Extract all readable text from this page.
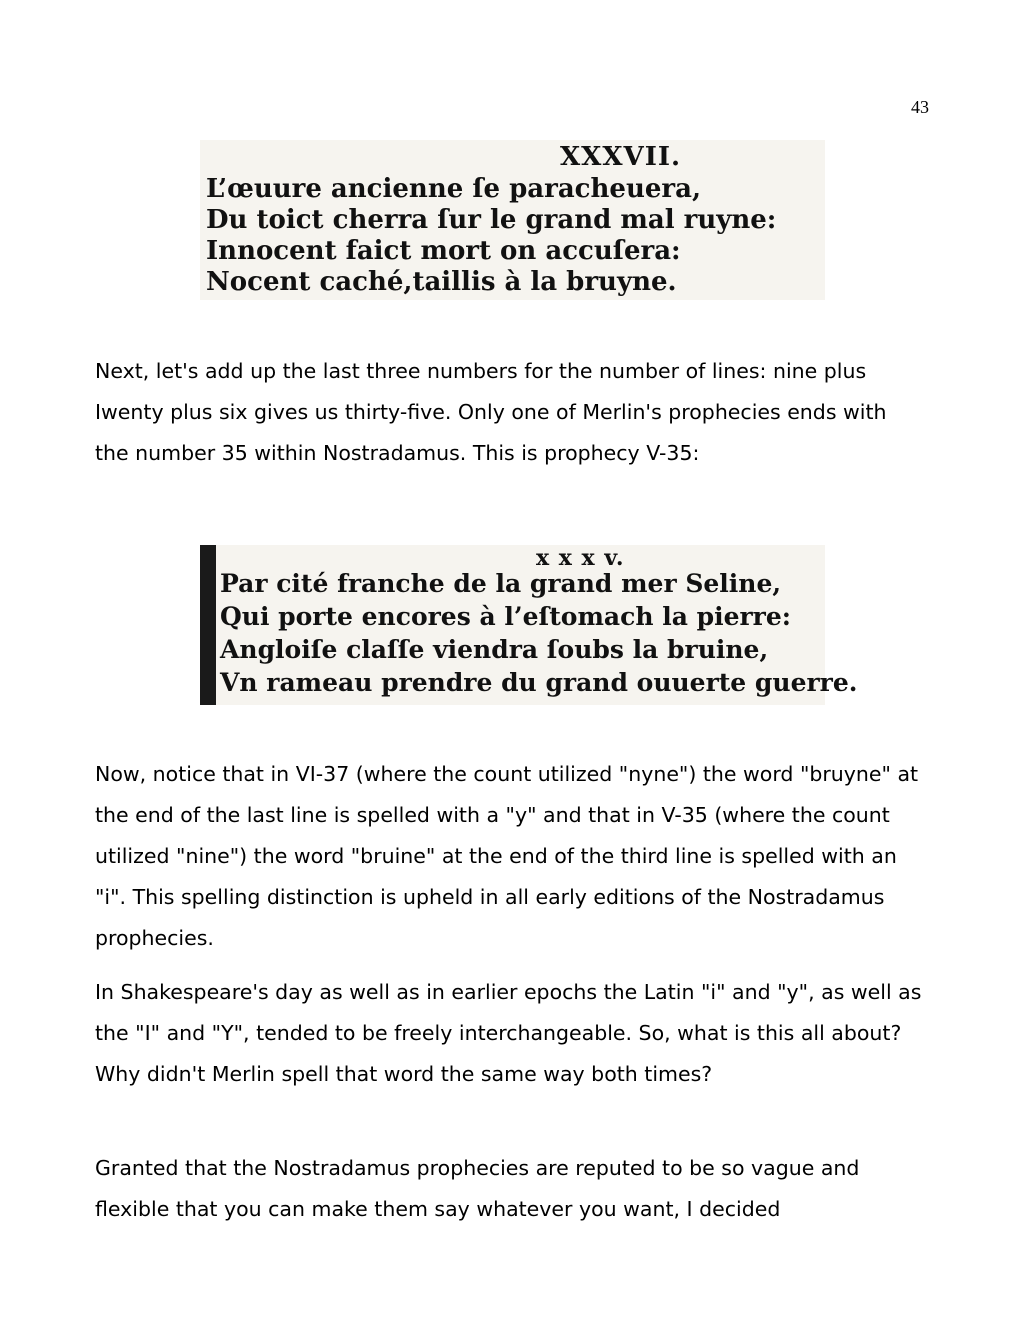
43
XXXVII.
L’œuure ancienne ſe paracheuera,
Du toict cherra ſur le grand mal ruyne:
Innocent faict mort on accuſera:
Nocent caché,taillis à la bruyne.

Next, let's add up the last three numbers for the number of lines: nine plus Iwenty plus six gives us thirty-five. Only one of Merlin's prophecies ends with the number 35 within Nostradamus. This is prophecy V-35:

x x x v.
Par cité franche de la grand mer Seline,
Qui porte encores à l’eſtomach la pierre:
Angloiſe claſſe viendra ſoubs la bruine,
Vn rameau prendre du grand ouuerte guerre.

Now, notice that in VI-37 (where the count utilized "nyne") the word "bruyne" at the end of the last line is spelled with a "y" and that in V-35 (where the count utilized "nine") the word "bruine" at the end of the third line is spelled with an "i". This spelling distinction is upheld in all early editions of the Nostradamus prophecies.

In Shakespeare's day as well as in earlier epochs the Latin "i" and "y", as well as the "I" and "Y", tended to be freely interchangeable. So, what is this all about? Why didn't Merlin spell that word the same way both times?

Granted that the Nostradamus prophecies are reputed to be so vague and flexible that you can make them say whatever you want, I decided
